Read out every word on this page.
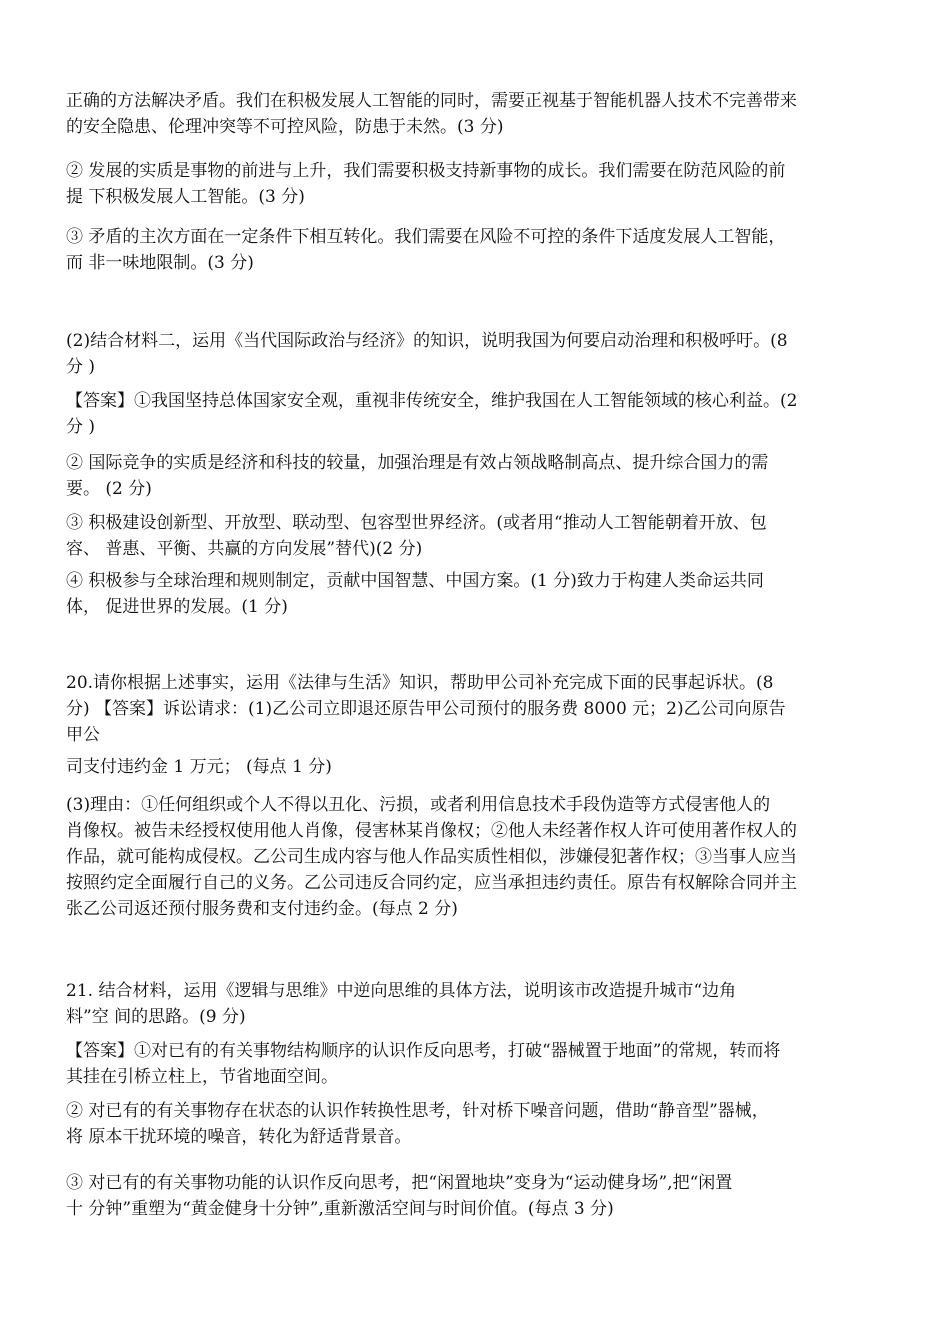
正确的方法解决矛盾。我们在积极发展人工智能的同时，需要正视基于智能机器人技术不完善带来
的安全隐患、伦理冲突等不可控风险，防患于未然。(3 分)
② 发展的实质是事物的前进与上升，我们需要积极支持新事物的成长。我们需要在防范风险的前
提 下积极发展人工智能。(3 分)
③ 矛盾的主次方面在一定条件下相互转化。我们需要在风险不可控的条件下适度发展人工智能，
而 非一味地限制。(3 分)
(2)结合材料二，运用《当代国际政治与经济》的知识，说明我国为何要启动治理和积极呼吁。(8
分 )
【答案】①我国坚持总体国家安全观，重视非传统安全，维护我国在人工智能领域的核心利益。(2
分 )
② 国际竞争的实质是经济和科技的较量，加强治理是有效占领战略制高点、提升综合国力的需
要。 (2 分)
③ 积极建设创新型、开放型、联动型、包容型世界经济。(或者用“推动人工智能朝着开放、包
容、 普惠、平衡、共赢的方向发展”替代)(2 分)
④ 积极参与全球治理和规则制定，贡献中国智慧、中国方案。(1 分)致力于构建人类命运共同
体， 促进世界的发展。(1 分)
20.请你根据上述事实，运用《法律与生活》知识，帮助甲公司补充完成下面的民事起诉状。(8
分) 【答案】诉讼请求：(1)乙公司立即退还原告甲公司预付的服务费 8000 元；2)乙公司向原告
甲公
司支付违约金 1 万元； (每点 1 分)
(3)理由：①任何组织或个人不得以丑化、污损，或者利用信息技术手段伪造等方式侵害他人的
肖像权。被告未经授权使用他人肖像，侵害林某肖像权；②他人未经著作权人许可使用著作权人的
作品，就可能构成侵权。乙公司生成内容与他人作品实质性相似，涉嫌侵犯著作权；③当事人应当
按照约定全面履行自己的义务。乙公司违反合同约定，应当承担违约责任。原告有权解除合同并主
张乙公司返还预付服务费和支付违约金。(每点 2 分)
21. 结合材料，运用《逻辑与思维》中逆向思维的具体方法，说明该市改造提升城市“边角
料”空 间的思路。(9 分)
【答案】①对已有的有关事物结构顺序的认识作反向思考，打破“器械置于地面”的常规，转而将
其挂在引桥立柱上，节省地面空间。
② 对已有的有关事物存在状态的认识作转换性思考，针对桥下噪音问题，借助“静音型”器械，
将 原本干扰环境的噪音，转化为舒适背景音。
③ 对已有的有关事物功能的认识作反向思考，把“闲置地块”变身为“运动健身场”,把“闲置
十 分钟”重塑为“黄金健身十分钟”,重新激活空间与时间价值。(每点 3 分)
